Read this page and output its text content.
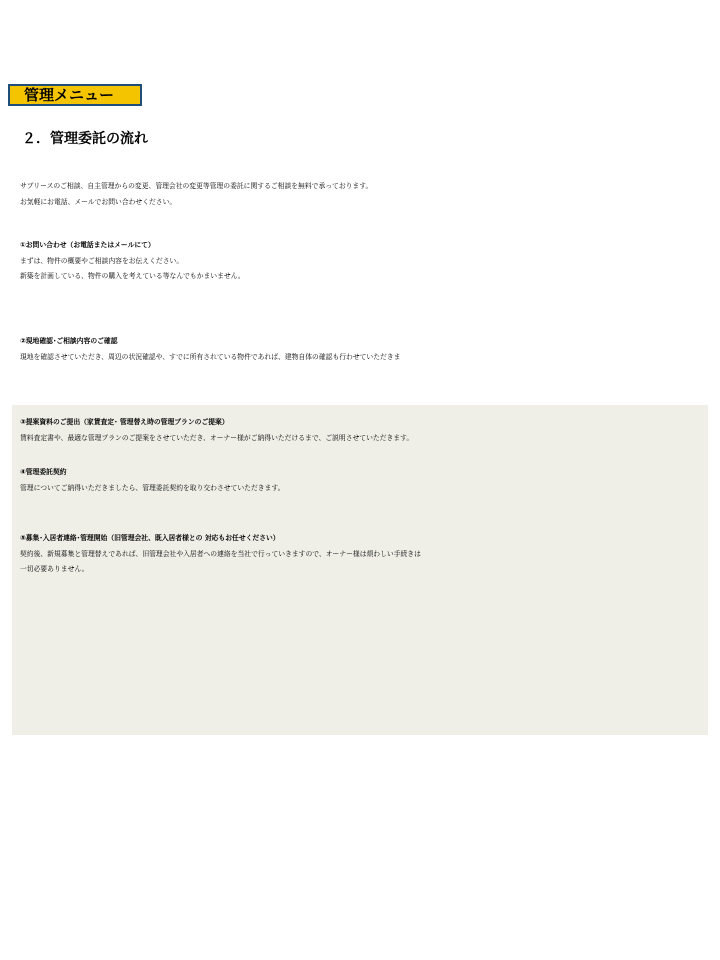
管理メニュー
２．管理委託の流れ
サブリースのご相談、自主管理からの変更、管理会社の変更等管理の委託に関するご相談を無料で承っております。
お気軽にお電話、メールでお問い合わせください。
①お問い合わせ（お電話またはメールにて）
まずは、物件の概要やご相談内容をお伝えください。
新築を計画している、物件の購入を考えている等なんでもかまいません。
②現地確認･ご相談内容のご確認
現地を確認させていただき、周辺の状況確認や、すでに所有されている物件であれば、建物自体の確認も行わせていただきま
③提案資料のご提出（家賃査定･ 管理替え時の管理プランのご提案）
賃料査定書や、最適な管理プランのご提案をさせていただき、オーナー様がご納得いただけるまで、ご説明させていただきます。
④管理委託契約
管理についてご納得いただきましたら、管理委託契約を取り交わさせていただきます。
⑤募集･入居者連絡･管理開始（旧管理会社、既入居者様との 対応もお任せください）
契約後、新規募集と管理替えであれば、旧管理会社や入居者への連絡を当社で行っていきますので、オーナー様は煩わしい手続きは
一切必要ありません。
